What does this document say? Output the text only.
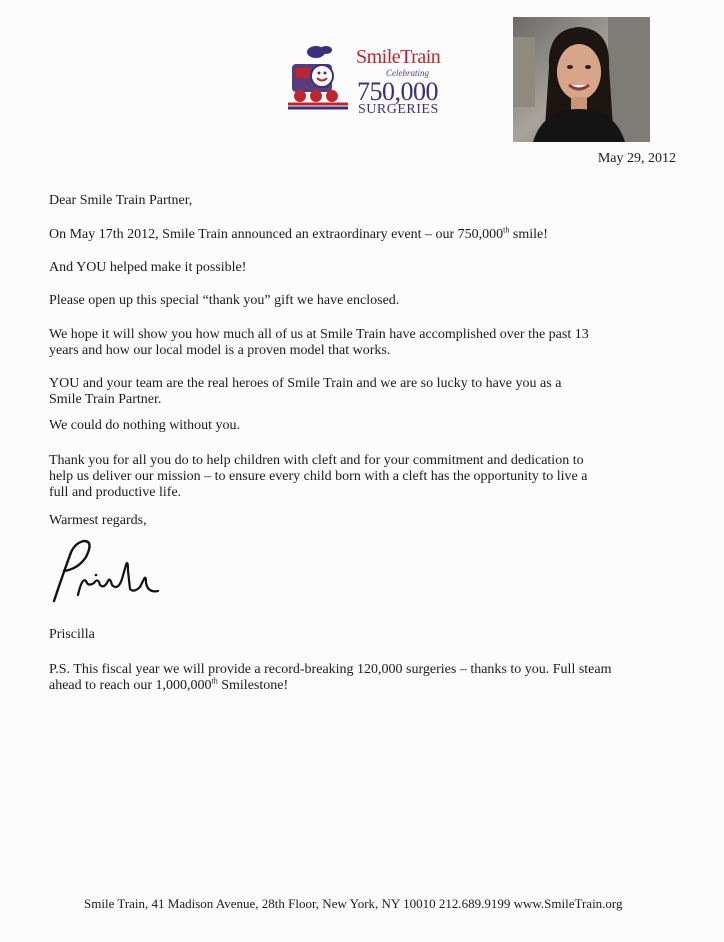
SmileTrain
Celebrating
750,000
SURGERIES
May 29, 2012
Dear Smile Train Partner,
On May 17th 2012, Smile Train announced an extraordinary event – our 750,000th smile!
And YOU helped make it possible!
Please open up this special “thank you” gift we have enclosed.
We hope it will show you how much all of us at Smile Train have accomplished over the past 13
years and how our local model is a proven model that works.
YOU and your team are the real heroes of Smile Train and we are so lucky to have you as a
Smile Train Partner.
We could do nothing without you.
Thank you for all you do to help children with cleft and for your commitment and dedication to
help us deliver our mission – to ensure every child born with a cleft has the opportunity to live a
full and productive life.
Warmest regards,
Priscilla
P.S. This fiscal year we will provide a record-breaking 120,000 surgeries – thanks to you. Full steam
ahead to reach our 1,000,000th Smilestone!
Smile Train, 41 Madison Avenue, 28th Floor, New York, NY 10010 212.689.9199 www.SmileTrain.org
